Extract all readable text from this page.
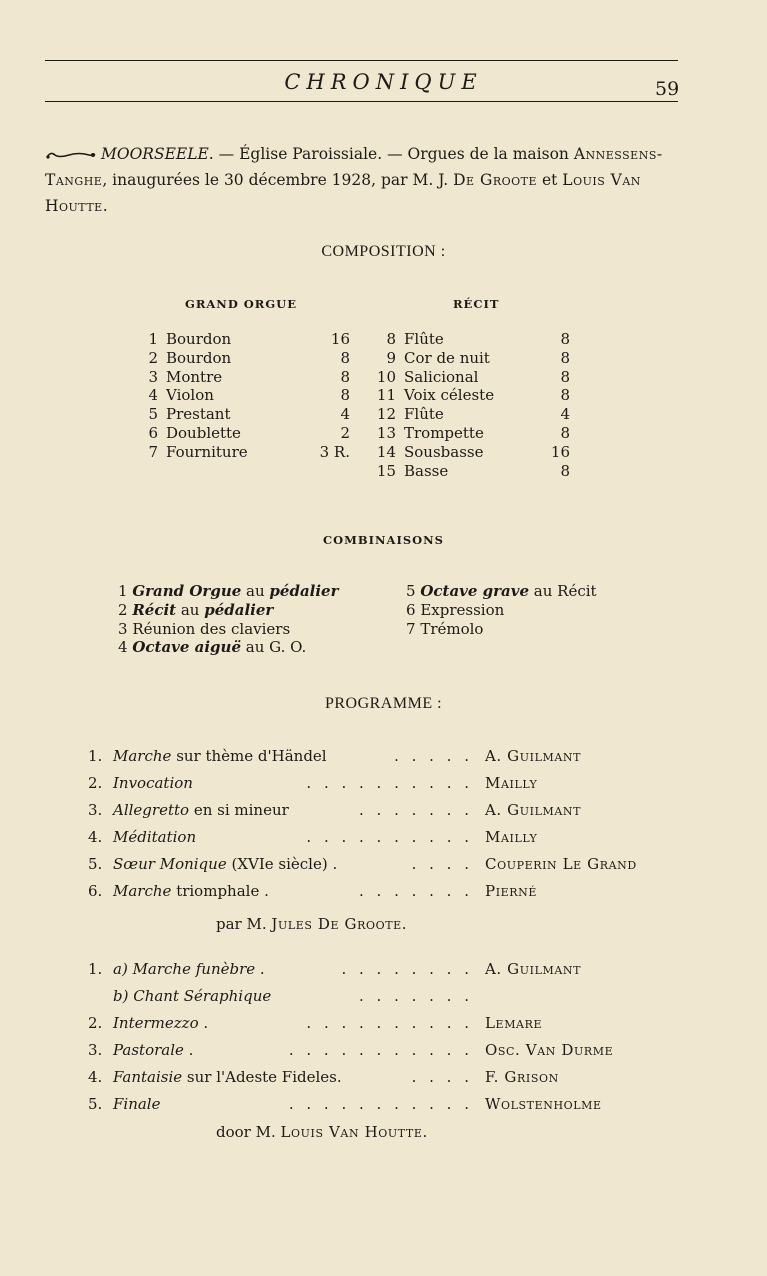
CHRONIQUE	59
MOORSEELE. — Église Paroissiale. — Orgues de la maison Annessens-Tanghe, inaugurées le 30 décembre 1928, par M. J. De Groote et Louis Van Houtte.
COMPOSITION :
GRAND ORGUE	RÉCIT
1 Bourdon	16
2 Bourdon	8
3 Montre	8
4 Violon	8
5 Prestant	4
6 Doublette	2
7 Fourniture	3 R.
8 Flûte	8
9 Cor de nuit	8
10 Salicional	8
11 Voix céleste	8
12 Flûte	4
13 Trompette	8
14 Sousbasse	16
15 Basse	8
COMBINAISONS
1 Grand Orgue au pédalier
2 Récit au pédalier
3 Réunion des claviers
4 Octave aiguë au G. O.
5 Octave grave au Récit
6 Expression
7 Trémolo
PROGRAMME :
1. Marche sur thème d'Händel	. . . . . A. Guilmant
2. Invocation	. . . . . . . . . . Mailly
3. Allegretto en si mineur	. . . . . . . A. Guilmant
4. Méditation	. . . . . . . . . . Mailly
5. Sœur Monique (XVIe siècle) .	. . . . Couperin Le Grand
6. Marche triomphale .	. . . . . . . Pierné
par M. Jules De Groote.
1. a) Marche funèbre .	. . . . . . . . A. Guilmant
b) Chant Séraphique	. . . . . . .
2. Intermezzo .	. . . . . . . . . . Lemare
3. Pastorale .	. . . . . . . . . . . Osc. Van Durme
4. Fantaisie sur l'Adeste Fideles.	. . . . F. Grison
5. Finale	. . . . . . . . . . . Wolstenholme
door M. Louis Van Houtte.
